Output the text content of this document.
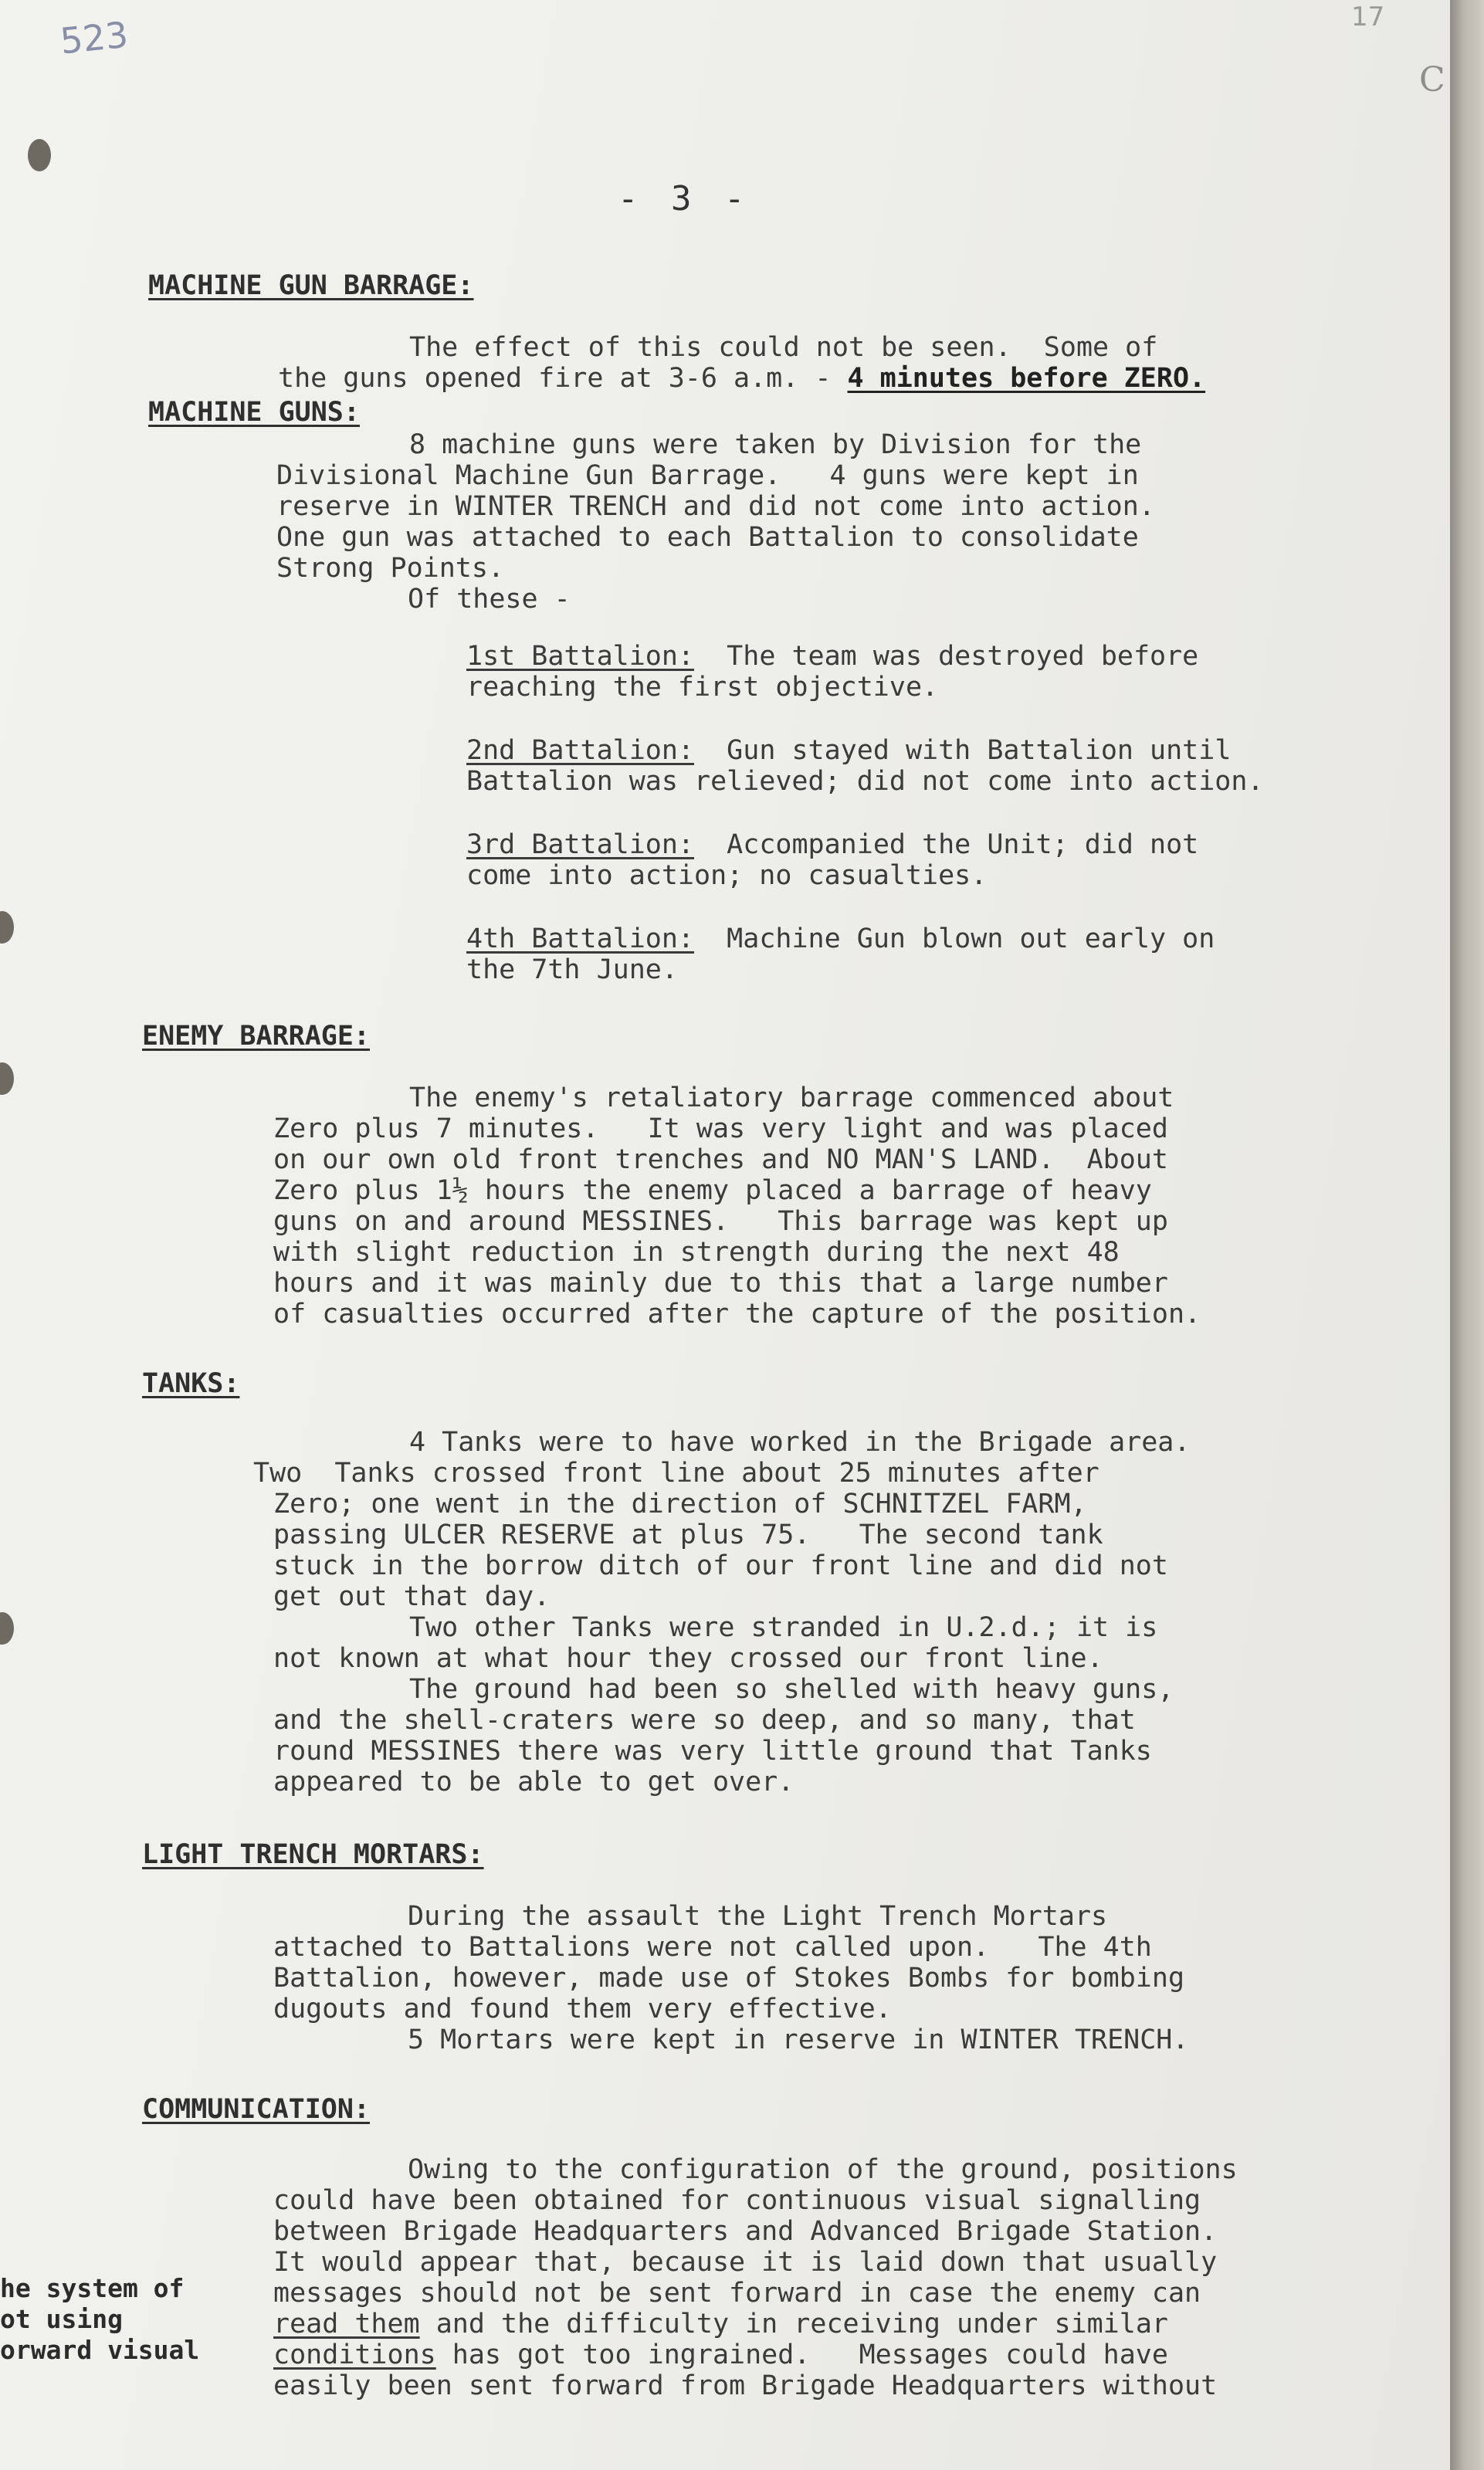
523	17
C
- 3 -
MACHINE GUN BARRAGE:
The effect of this could not be seen.  Some of
the guns opened fire at 3-6 a.m. - 4 minutes before ZERO.
MACHINE GUNS:
8 machine guns were taken by Division for the
Divisional Machine Gun Barrage.   4 guns were kept in
reserve in WINTER TRENCH and did not come into action.
One gun was attached to each Battalion to consolidate
Strong Points.
Of these -
1st Battalion: The team was destroyed before
reaching the first objective.
2nd Battalion: Gun stayed with Battalion until
Battalion was relieved; did not come into action.
3rd Battalion: Accompanied the Unit; did not
come into action; no casualties.
4th Battalion: Machine Gun blown out early on
the 7th June.
ENEMY BARRAGE:
The enemy's retaliatory barrage commenced about
Zero plus 7 minutes.   It was very light and was placed
on our own old front trenches and NO MAN'S LAND.  About
Zero plus 1½ hours the enemy placed a barrage of heavy
guns on and around MESSINES.   This barrage was kept up
with slight reduction in strength during the next 48
hours and it was mainly due to this that a large number
of casualties occurred after the capture of the position.
TANKS:
4 Tanks were to have worked in the Brigade area.
Two  Tanks crossed front line about 25 minutes after
Zero; one went in the direction of SCHNITZEL FARM,
passing ULCER RESERVE at plus 75.   The second tank
stuck in the borrow ditch of our front line and did not
get out that day.
Two other Tanks were stranded in U.2.d.; it is
not known at what hour they crossed our front line.
The ground had been so shelled with heavy guns,
and the shell-craters were so deep, and so many, that
round MESSINES there was very little ground that Tanks
appeared to be able to get over.
LIGHT TRENCH MORTARS:
During the assault the Light Trench Mortars
attached to Battalions were not called upon.   The 4th
Battalion, however, made use of Stokes Bombs for bombing
dugouts and found them very effective.
5 Mortars were kept in reserve in WINTER TRENCH.
COMMUNICATION:
Owing to the configuration of the ground, positions
could have been obtained for continuous visual signalling
between Brigade Headquarters and Advanced Brigade Station.
It would appear that, because it is laid down that usually
messages should not be sent forward in case the enemy can
read them and the difficulty in receiving under similar
conditions has got too ingrained.   Messages could have
easily been sent forward from Brigade Headquarters without
he system of
ot using
orward visual
